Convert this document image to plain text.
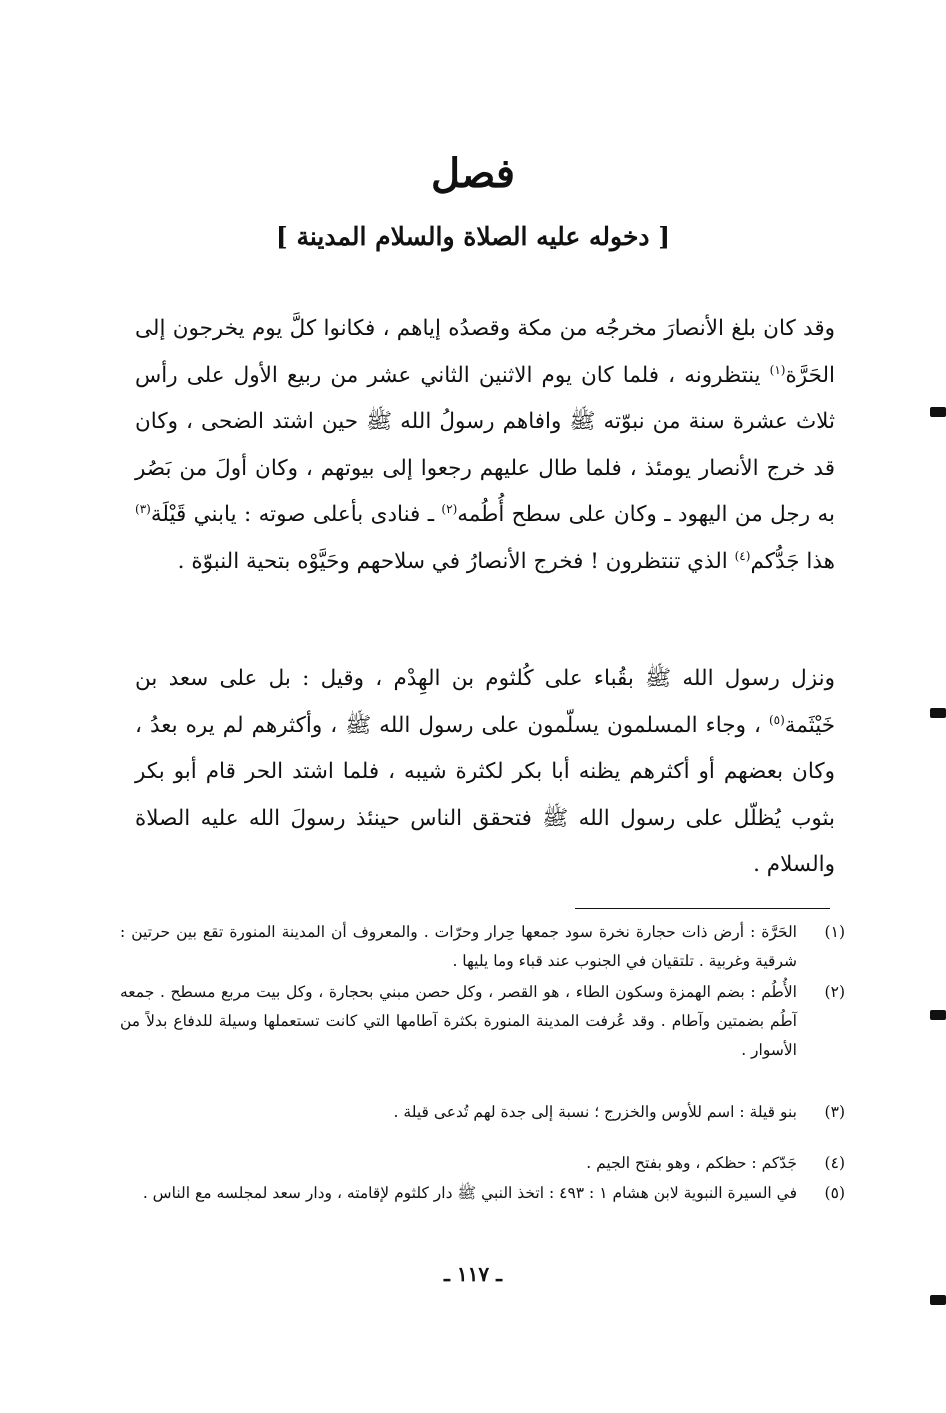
فصل
[ دخوله عليه الصلاة والسلام المدينة ]

وقد كان بلغ الأنصارَ مخرجُه من مكة وقصدُه إياهم ، فكانوا كلَّ يوم يخرجون إلى الحَرَّة$^{(١)}$ ينتظرونه ، فلما كان يوم الاثنين الثاني عشر من ربيع الأول على رأس ثلاث عشرة سنة من نبوّته ﷺ وافاهم رسولُ الله ﷺ حين اشتد الضحى ، وكان قد خرج الأنصار يومئذ ، فلما طال عليهم رجعوا إلى بيوتهم ، وكان أولَ من بَصُر به رجل من اليهود ـ وكان على سطح أُطُمه$^{(٢)}$ ـ فنادى بأعلى صوته : يابني قَيْلَة$^{(٣)}$ هذا جَدُّكم$^{(٤)}$ الذي تنتظرون ! فخرج الأنصارُ في سلاحهم وحَيَّوْه بتحية النبوّة .

ونزل رسول الله ﷺ بقُباء على كُلثوم بن الهِدْم ، وقيل : بل على سعد بن خَيْثَمة$^{(٥)}$ ، وجاء المسلمون يسلّمون على رسول الله ﷺ ، وأكثرهم لم يره بعدُ ، وكان بعضهم أو أكثرهم يظنه أبا بكر لكثرة شيبه ، فلما اشتد الحر قام أبو بكر بثوب يُظلّل على رسول الله ﷺ فتحقق الناس حينئذ رسولَ الله عليه الصلاة والسلام .

(١)
الحَرَّة : أرض ذات حجارة نخرة سود جمعها حِرار وحرّات . والمعروف أن المدينة المنورة تقع بين حرتين : شرقية وغربية . تلتقيان في الجنوب عند قباء وما يليها .
(٢)
الأُطُم : بضم الهمزة وسكون الطاء ، هو القصر ، وكل حصن مبني بحجارة ، وكل بيت مربع مسطح . جمعه آطُم بضمتين وآطام . وقد عُرفت المدينة المنورة بكثرة آطامها التي كانت تستعملها وسيلة للدفاع بدلاً من الأسوار .
(٣)
بنو قيلة : اسم للأوس والخزرج ؛ نسبة إلى جدة لهم تُدعى قيلة .
(٤)
جَدّكم : حظكم ، وهو بفتح الجيم .
(٥)
في السيرة النبوية لابن هشام ١ : ٤٩٣ : اتخذ النبي ﷺ دار كلثوم لإقامته ، ودار سعد لمجلسه مع الناس .
ـ ١١٧ ـ
